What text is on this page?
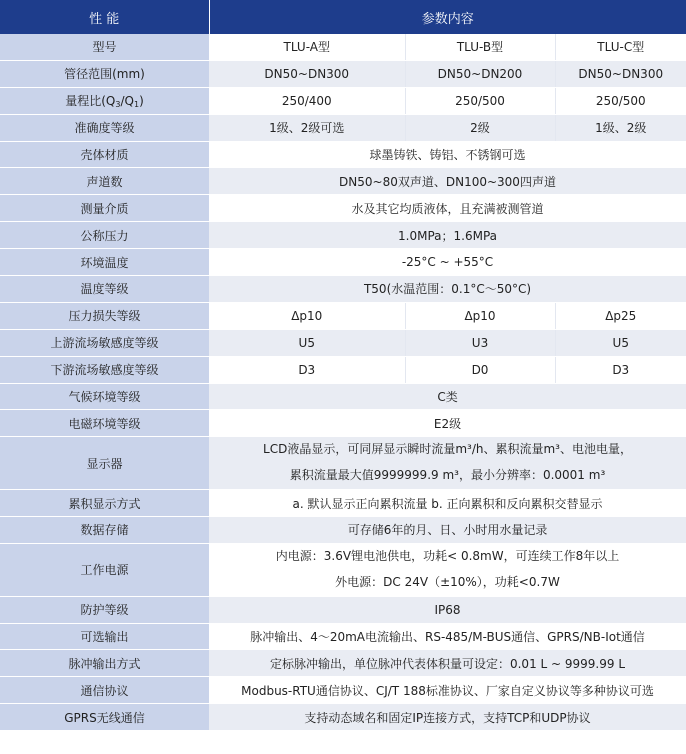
性 能	参数内容		
型号	TLU-A型	TLU-B型	TLU-C型
管径范围(mm)	DN50~DN300	DN50~DN200	DN50~DN300
量程比$(Q_3/Q_1)$	250/400	250/500	250/500
准确度等级	1级、2级可选	2级	1级、2级
壳体材质	球墨铸铁、铸铝、不锈钢可选		
声道数	DN50~80双声道、DN100~300四声道		
测量介质	水及其它均质液体，且充满被测管道		
公称压力	1.0MPa；1.6MPa		
环境温度	-25°C ~ +55°C		
温度等级	T50(水温范围：0.1°C～50°C)		
压力损失等级	Δp10	Δp10	Δp25
上游流场敏感度等级	U5	U3	U5
下游流场敏感度等级	D3	D0	D3
气候环境等级	C类		
电磁环境等级	E2级		
显示器	LCD液晶显示，可同屏显示瞬时流量m³/h、累积流量m³、电池电量，
累积流量最大值9999999.9 m³，最小分辨率：0.0001 m³		

累积显示方式	a. 默认显示正向累积流量 b. 正向累积和反向累积交替显示		
数据存储	可存储6年的月、日、小时用水量记录		
工作电源	内电源：3.6V锂电池供电，功耗< 0.8mW，可连续工作8年以上
外电源：DC 24V（±10%），功耗<0.7W		

防护等级	IP68		
可选输出	脉冲输出、4～20mA电流输出、RS-485/M-BUS通信、GPRS/NB-Iot通信		
脉冲输出方式	定标脉冲输出，单位脉冲代表体积量可设定：0.01 L ~ 9999.99 L		
通信协议	Modbus-RTU通信协议、CJ/T 188标准协议、厂家自定义协议等多种协议可选		
GPRS无线通信	支持动态域名和固定IP连接方式，支持TCP和UDP协议		
